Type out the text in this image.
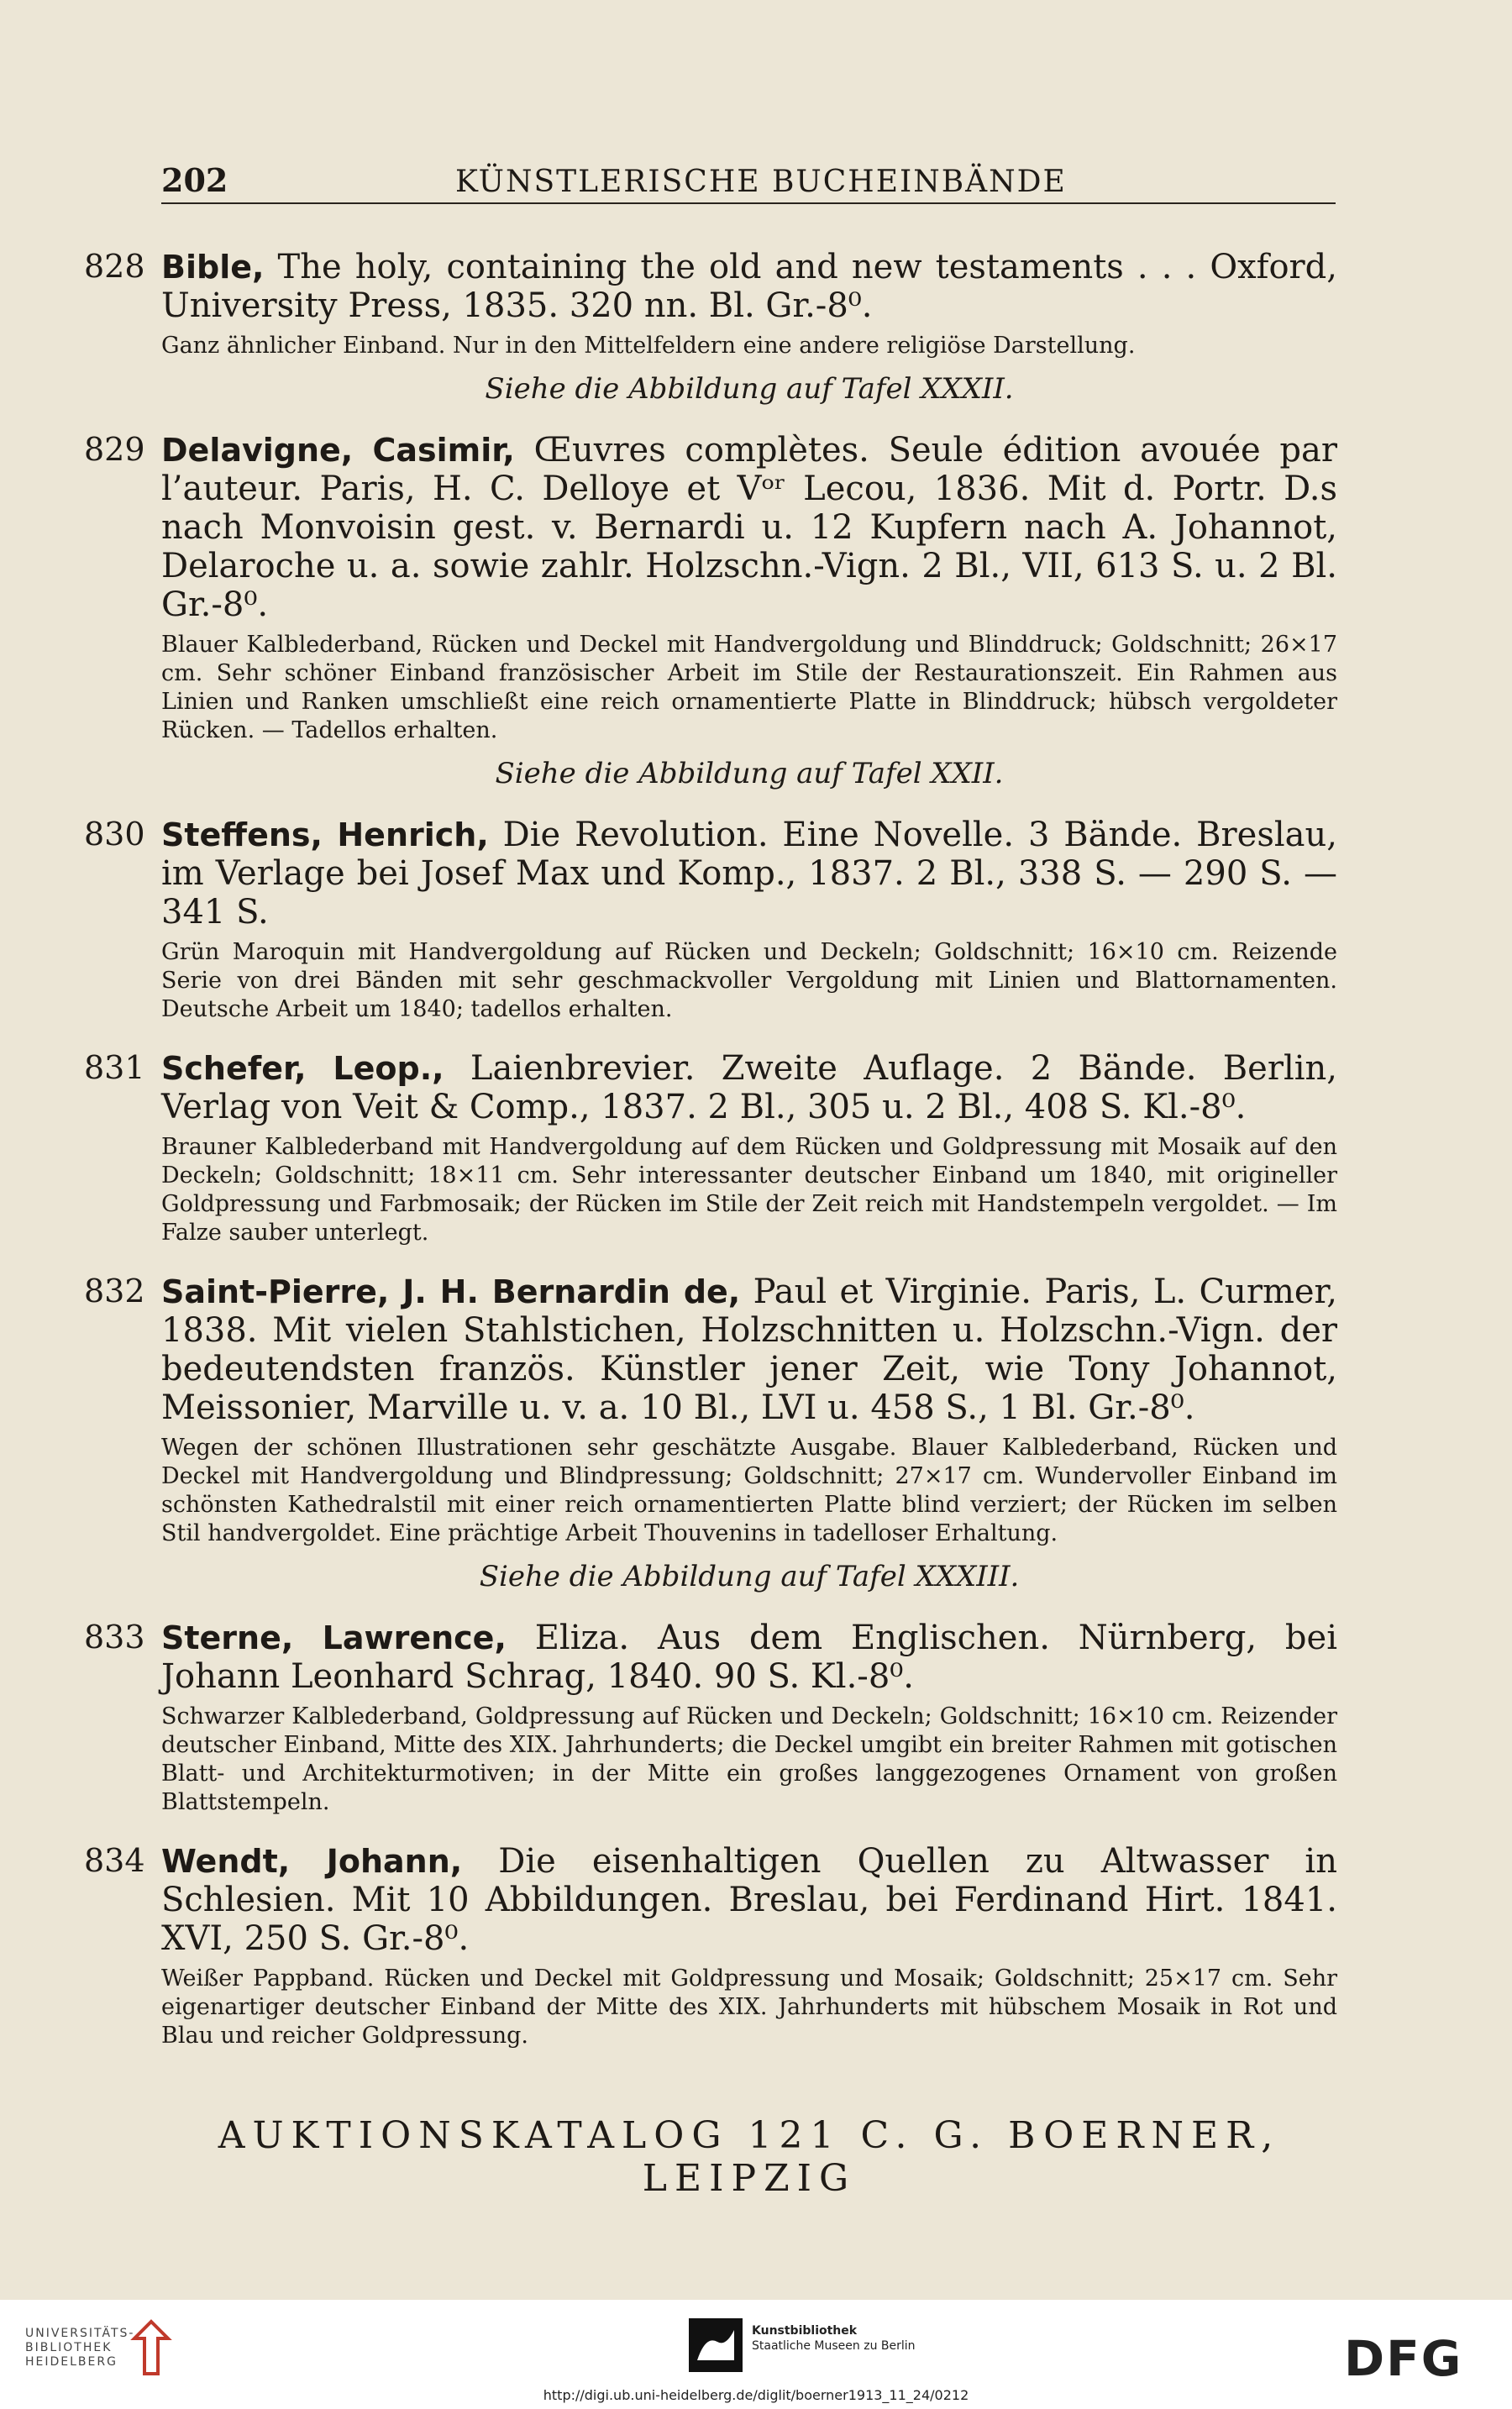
202	KÜNSTLERISCHE BUCHEINBÄNDE
828 Bible, The holy, containing the old and new testaments . . . Oxford, University Press, 1835. 320 nn. Bl. Gr.-8⁰.
Ganz ähnlicher Einband. Nur in den Mittelfeldern eine andere religiöse Darstellung.
Siehe die Abbildung auf Tafel XXXII.
829 Delavigne, Casimir, Œuvres complètes. Seule édition avouée par l’auteur. Paris, H. C. Delloye et Vᵒʳ Lecou, 1836. Mit d. Portr. D.s nach Monvoisin gest. v. Bernardi u. 12 Kupfern nach A. Johannot, Delaroche u. a. sowie zahlr. Holzschn.-Vign. 2 Bl., VII, 613 S. u. 2 Bl. Gr.-8⁰.
Blauer Kalblederband, Rücken und Deckel mit Handvergoldung und Blinddruck; Goldschnitt; 26×17 cm. Sehr schöner Einband französischer Arbeit im Stile der Restaurationszeit. Ein Rahmen aus Linien und Ranken umschließt eine reich ornamentierte Platte in Blinddruck; hübsch vergoldeter Rücken. — Tadellos erhalten.
Siehe die Abbildung auf Tafel XXII.
830 Steffens, Henrich, Die Revolution. Eine Novelle. 3 Bände. Breslau, im Verlage bei Josef Max und Komp., 1837. 2 Bl., 338 S. — 290 S. — 341 S.
Grün Maroquin mit Handvergoldung auf Rücken und Deckeln; Goldschnitt; 16×10 cm. Reizende Serie von drei Bänden mit sehr geschmackvoller Vergoldung mit Linien und Blattornamenten. Deutsche Arbeit um 1840; tadellos erhalten.
831 Schefer, Leop., Laienbrevier. Zweite Auflage. 2 Bände. Berlin, Verlag von Veit & Comp., 1837. 2 Bl., 305 u. 2 Bl., 408 S. Kl.-8⁰.
Brauner Kalblederband mit Handvergoldung auf dem Rücken und Goldpressung mit Mosaik auf den Deckeln; Goldschnitt; 18×11 cm. Sehr interessanter deutscher Einband um 1840, mit origineller Goldpressung und Farbmosaik; der Rücken im Stile der Zeit reich mit Handstempeln vergoldet. — Im Falze sauber unterlegt.
832 Saint-Pierre, J. H. Bernardin de, Paul et Virginie. Paris, L. Curmer, 1838. Mit vielen Stahlstichen, Holzschnitten u. Holzschn.-Vign. der bedeutendsten französ. Künstler jener Zeit, wie Tony Johannot, Meissonier, Marville u. v. a. 10 Bl., LVI u. 458 S., 1 Bl. Gr.-8⁰.
Wegen der schönen Illustrationen sehr geschätzte Ausgabe. Blauer Kalblederband, Rücken und Deckel mit Handvergoldung und Blindpressung; Goldschnitt; 27×17 cm. Wundervoller Einband im schönsten Kathedralstil mit einer reich ornamentierten Platte blind verziert; der Rücken im selben Stil handvergoldet. Eine prächtige Arbeit Thouvenins in tadelloser Erhaltung.
Siehe die Abbildung auf Tafel XXXIII.
833 Sterne, Lawrence, Eliza. Aus dem Englischen. Nürnberg, bei Johann Leonhard Schrag, 1840. 90 S. Kl.-8⁰.
Schwarzer Kalblederband, Goldpressung auf Rücken und Deckeln; Goldschnitt; 16×10 cm. Reizender deutscher Einband, Mitte des XIX. Jahrhunderts; die Deckel umgibt ein breiter Rahmen mit gotischen Blatt- und Architekturmotiven; in der Mitte ein großes langgezogenes Ornament von großen Blattstempeln.
834 Wendt, Johann, Die eisenhaltigen Quellen zu Altwasser in Schlesien. Mit 10 Abbildungen. Breslau, bei Ferdinand Hirt. 1841. XVI, 250 S. Gr.-8⁰.
Weißer Pappband. Rücken und Deckel mit Goldpressung und Mosaik; Goldschnitt; 25×17 cm. Sehr eigenartiger deutscher Einband der Mitte des XIX. Jahrhunderts mit hübschem Mosaik in Rot und Blau und reicher Goldpressung.
AUKTIONSKATALOG 121 C. G. BOERNER, LEIPZIG
UNIVERSITÄTS-
BIBLIOTHEK
HEIDELBERG
Kunstbibliothek
Staatliche Museen zu Berlin	DFG
http://digi.ub.uni-heidelberg.de/diglit/boerner1913_11_24/0212
